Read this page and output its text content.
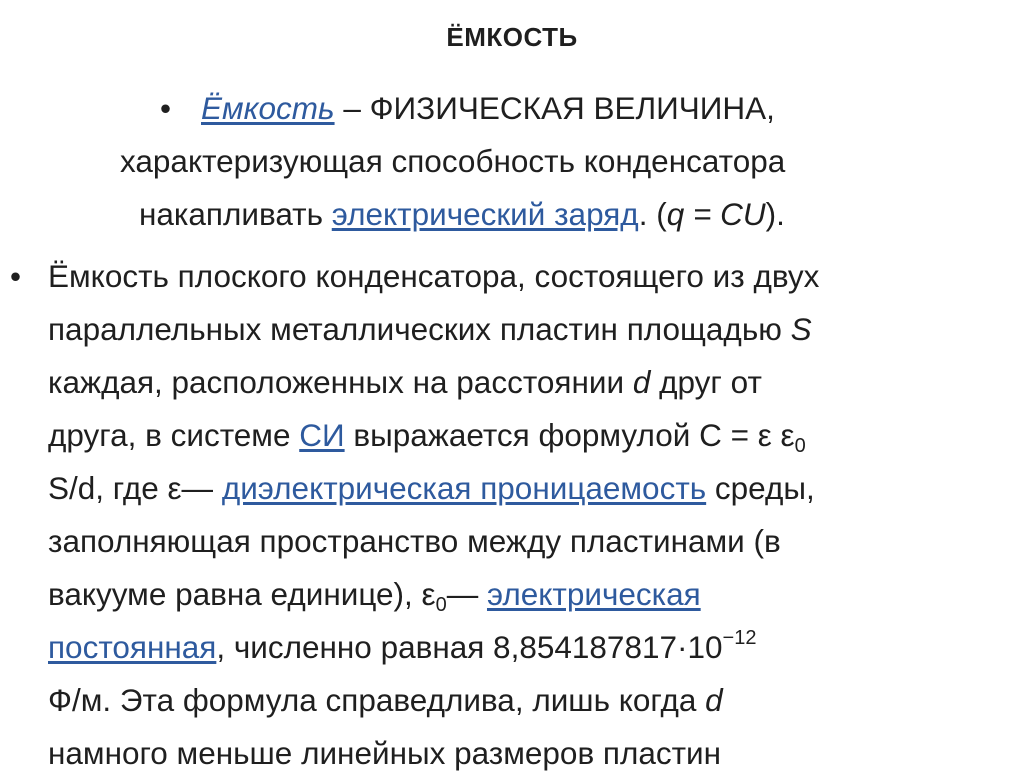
ЁМКОСТЬ
• Ёмкость – ФИЗИЧЕСКАЯ ВЕЛИЧИНА,
характеризующая способность конденсатора
накапливать электрический заряд. (q = CU).
• Ёмкость плоского конденсатора, состоящего из двух
параллельных металлических пластин площадью S
каждая, расположенных на расстоянии d друг от
друга, в системе СИ выражается формулой С = ε $\varepsilon_0$
S/d, где ε— диэлектрическая проницаемость среды,
заполняющая пространство между пластинами (в
вакууме равна единице), $\varepsilon_0—$ электрическая
постоянная, численно равная $8,854187817\cdot 10^{-12}$
Ф/м. Эта формула справедлива, лишь когда d
намного меньше линейных размеров пластин
